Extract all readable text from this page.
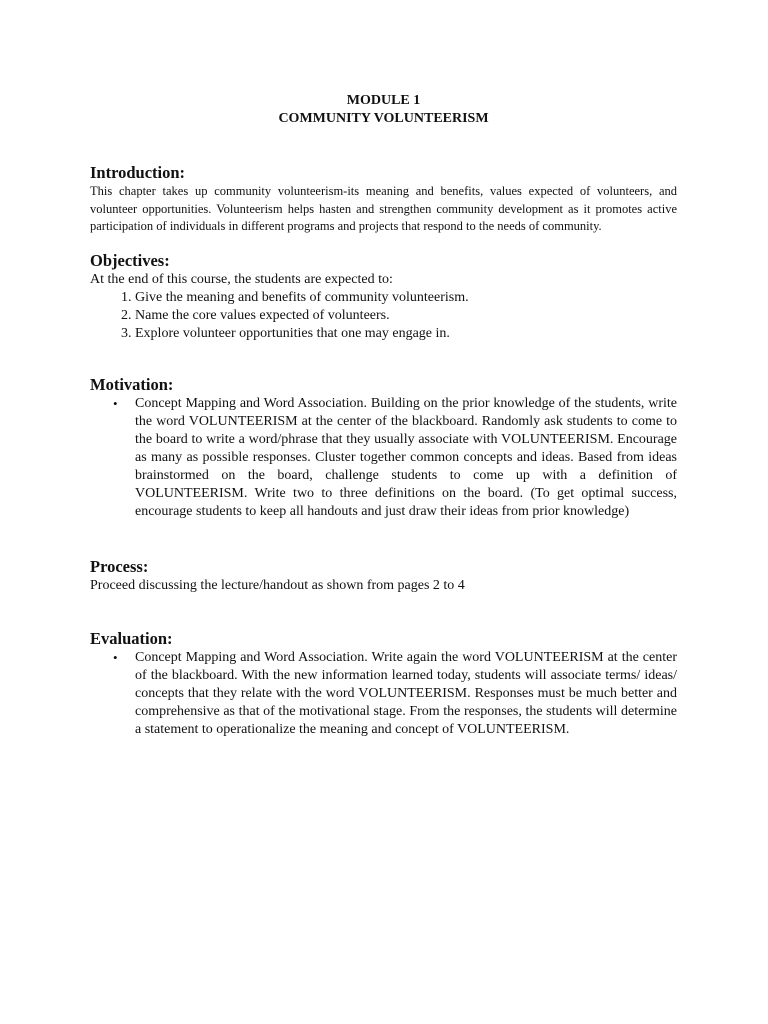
MODULE 1
COMMUNITY VOLUNTEERISM
Introduction:

This chapter takes up community volunteerism-its meaning and benefits, values expected of volunteers, and volunteer opportunities. Volunteerism helps hasten and strengthen community development as it promotes active participation of individuals in different programs and projects that respond to the needs of community.

Objectives:

At the end of this course, the students are expected to:

1. Give the meaning and benefits of community volunteerism.
2. Name the core values expected of volunteers.
3. Explore volunteer opportunities that one may engage in.
Motivation:
• Concept Mapping and Word Association. Building on the prior knowledge of the students, write the word VOLUNTEERISM at the center of the blackboard. Randomly ask students to come to the board to write a word/phrase that they usually associate with VOLUNTEERISM. Encourage as many as possible responses. Cluster together common concepts and ideas. Based from ideas brainstormed on the board, challenge students to come up with a definition of VOLUNTEERISM. Write two to three definitions on the board. (To get optimal success, encourage students to keep all handouts and just draw their ideas from prior knowledge)
Process:

Proceed discussing the lecture/handout as shown from pages 2 to 4

Evaluation:
• Concept Mapping and Word Association. Write again the word VOLUNTEERISM at the center of the blackboard. With the new information learned today, students will associate terms/ ideas/ concepts that they relate with the word VOLUNTEERISM. Responses must be much better and comprehensive as that of the motivational stage. From the responses, the students will determine a statement to operationalize the meaning and concept of VOLUNTEERISM.
